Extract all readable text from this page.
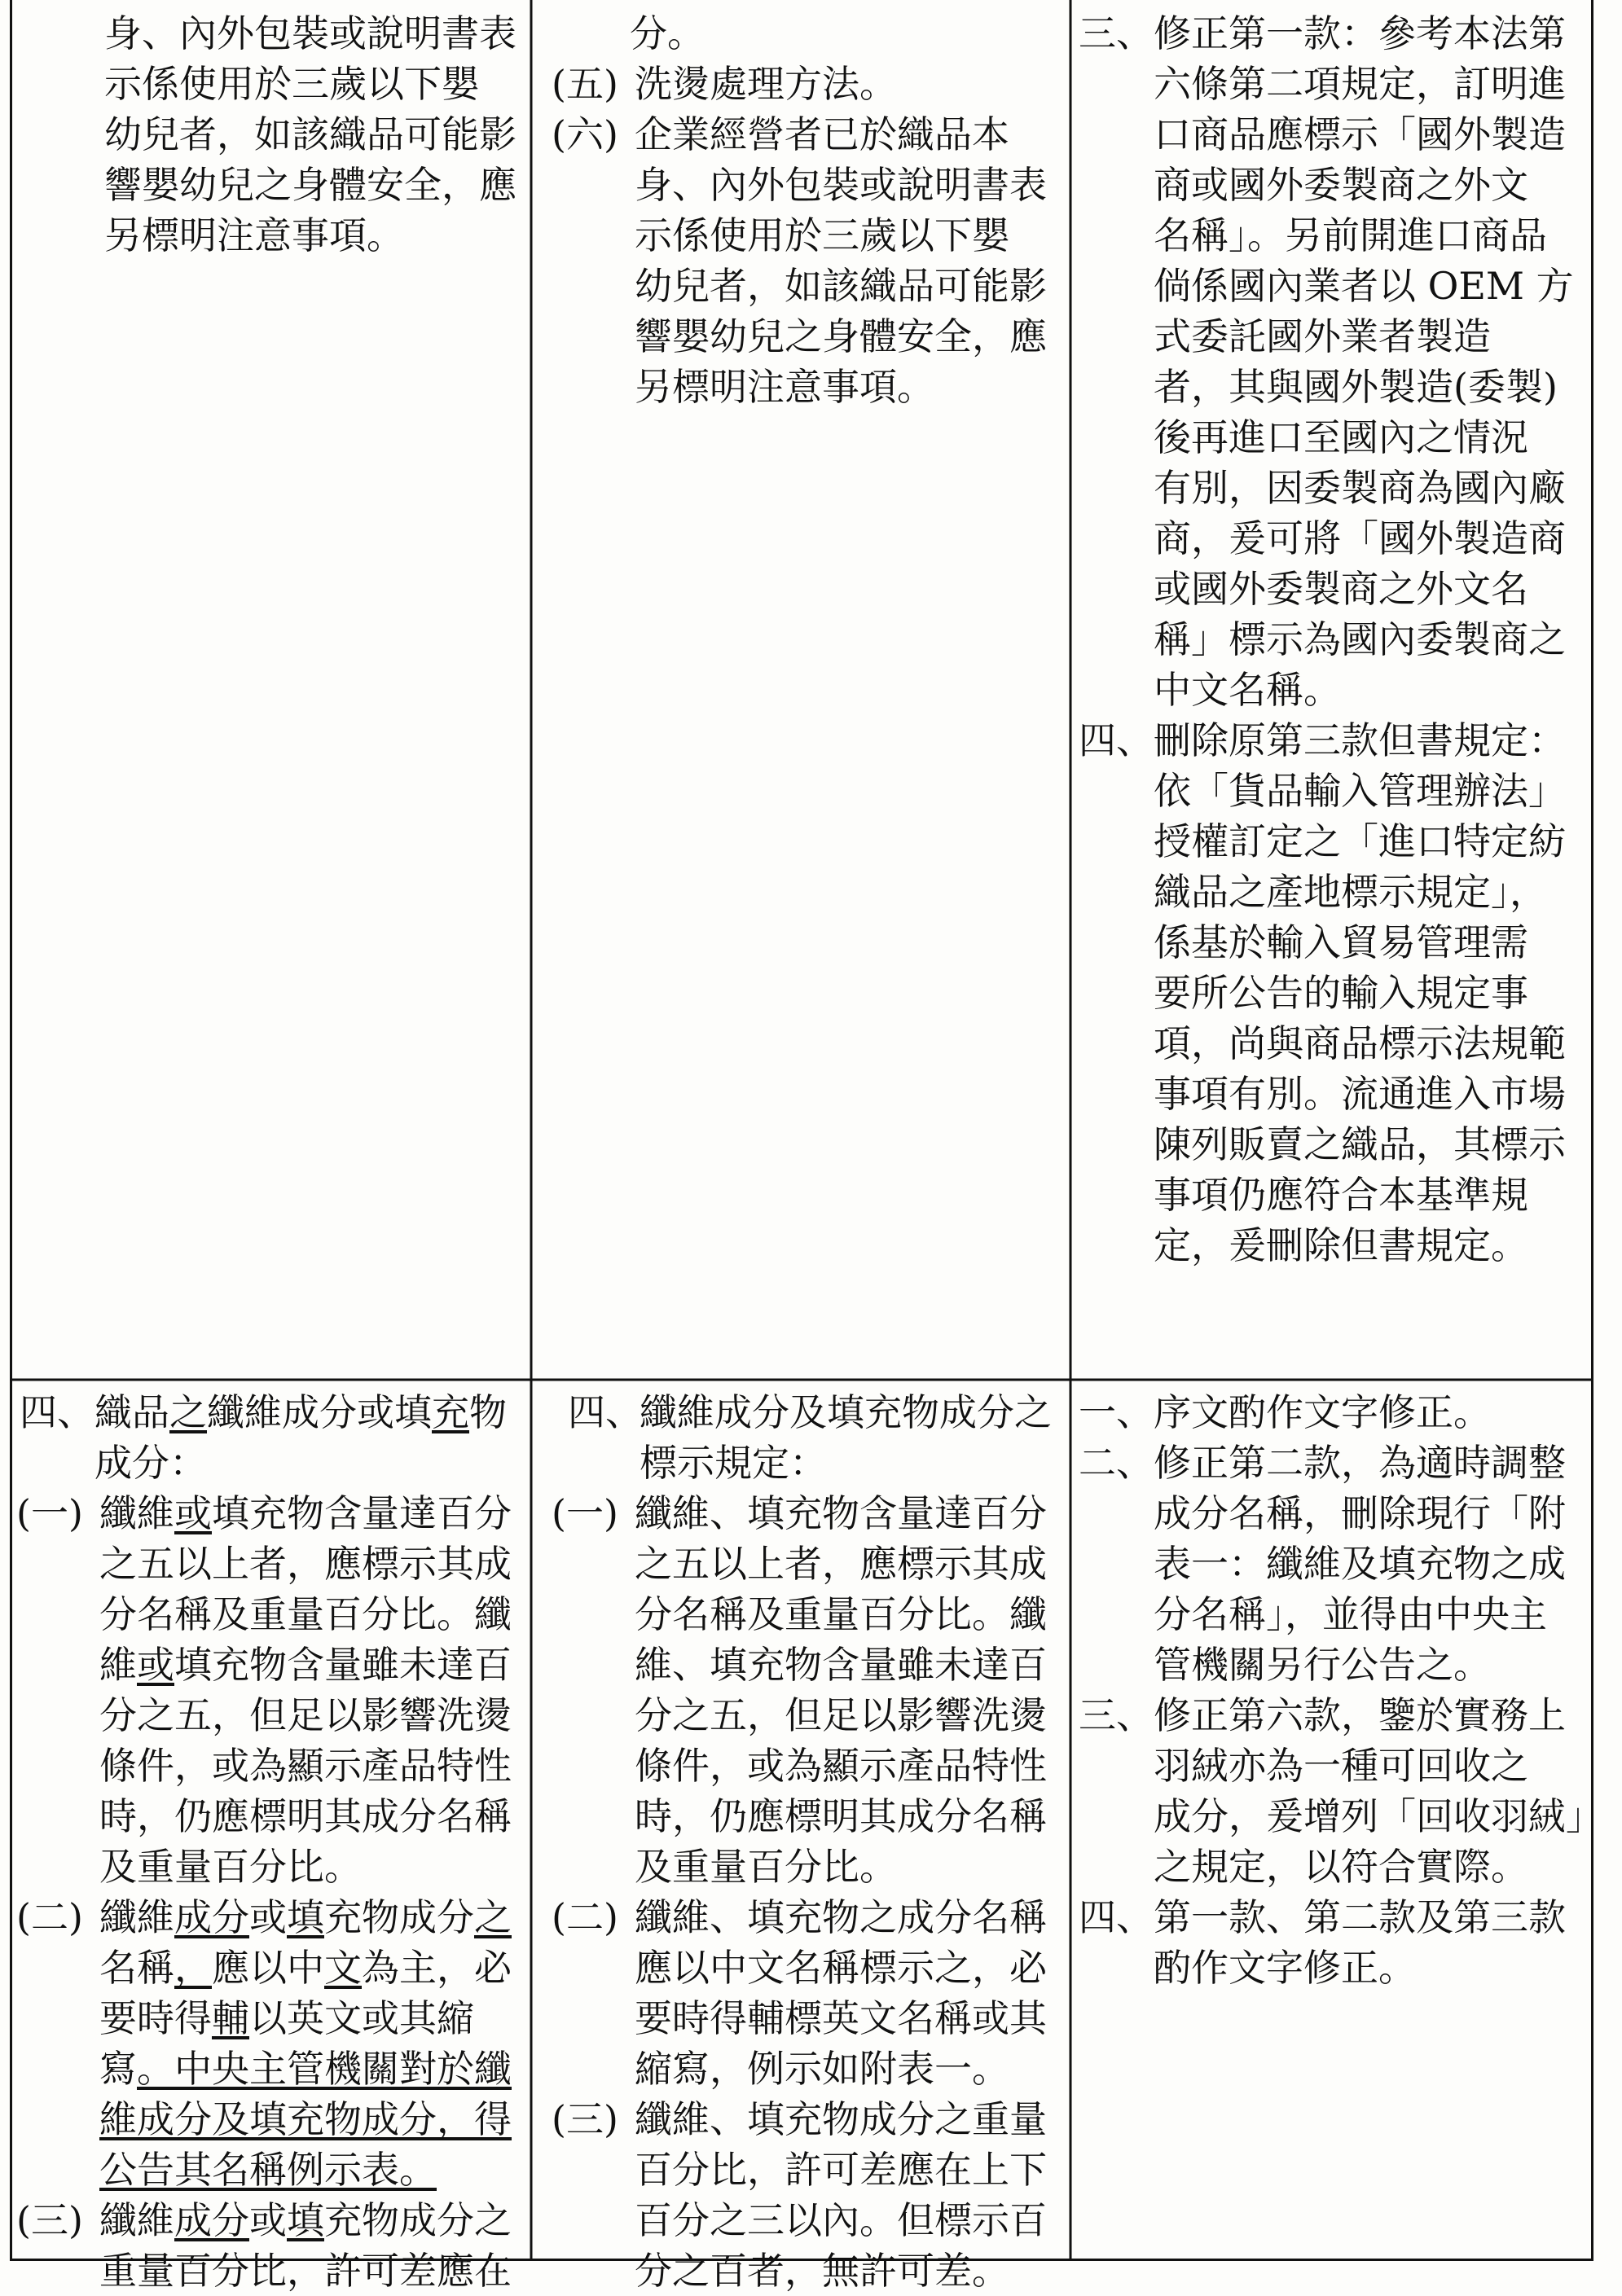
身、內外包裝或說明書表
示係使用於三歲以下嬰
幼兒者，如該織品可能影
響嬰幼兒之身體安全，應
另標明注意事項。
分。
(五) 洗燙處理方法。
(六) 企業經營者已於織品本
身、內外包裝或說明書表
示係使用於三歲以下嬰
幼兒者，如該織品可能影
響嬰幼兒之身體安全，應
另標明注意事項。
三、 修正第一款：參考本法第
六條第二項規定，訂明進
口商品應標示「國外製造
商或國外委製商之外文
名稱」。另前開進口商品
倘係國內業者以 OEM 方
式委託國外業者製造
者，其與國外製造(委製)
後再進口至國內之情況
有別，因委製商為國內廠
商，爰可將「國外製造商
或國外委製商之外文名
稱」標示為國內委製商之
中文名稱。
四、 刪除原第三款但書規定：
依「貨品輸入管理辦法」
授權訂定之「進口特定紡
織品之產地標示規定」，
係基於輸入貿易管理需
要所公告的輸入規定事
項，尚與商品標示法規範
事項有別。流通進入市場
陳列販賣之織品，其標示
事項仍應符合本基準規
定，爰刪除但書規定。
四、 織品之纖維成分或填充物
成分：
(一) 纖維或填充物含量達百分
之五以上者，應標示其成
分名稱及重量百分比。纖
維或填充物含量雖未達百
分之五，但足以影響洗燙
條件，或為顯示產品特性
時，仍應標明其成分名稱
及重量百分比。
(二) 纖維成分或填充物成分之
名稱，應以中文為主，必
要時得輔以英文或其縮
寫。中央主管機關對於纖
維成分及填充物成分，得
公告其名稱例示表。
(三) 纖維成分或填充物成分之
重量百分比，許可差應在
四、
纖維成分及填充物成分之
標示規定：
(一) 纖維、填充物含量達百分
之五以上者，應標示其成
分名稱及重量百分比。纖
維、填充物含量雖未達百
分之五，但足以影響洗燙
條件，或為顯示產品特性
時，仍應標明其成分名稱
及重量百分比。
(二) 纖維、填充物之成分名稱
應以中文名稱標示之，必
要時得輔標英文名稱或其
縮寫，例示如附表一。
(三) 纖維、填充物成分之重量
百分比，許可差應在上下
百分之三以內。但標示百
分之百者，無許可差。
一、 序文酌作文字修正。
二、 修正第二款，為適時調整
成分名稱，刪除現行「附
表一：纖維及填充物之成
分名稱」，並得由中央主
管機關另行公告之。
三、 修正第六款，鑒於實務上
羽絨亦為一種可回收之
成分，爰增列「回收羽絨」
之規定，以符合實際。
四、 第一款、第二款及第三款
酌作文字修正。
